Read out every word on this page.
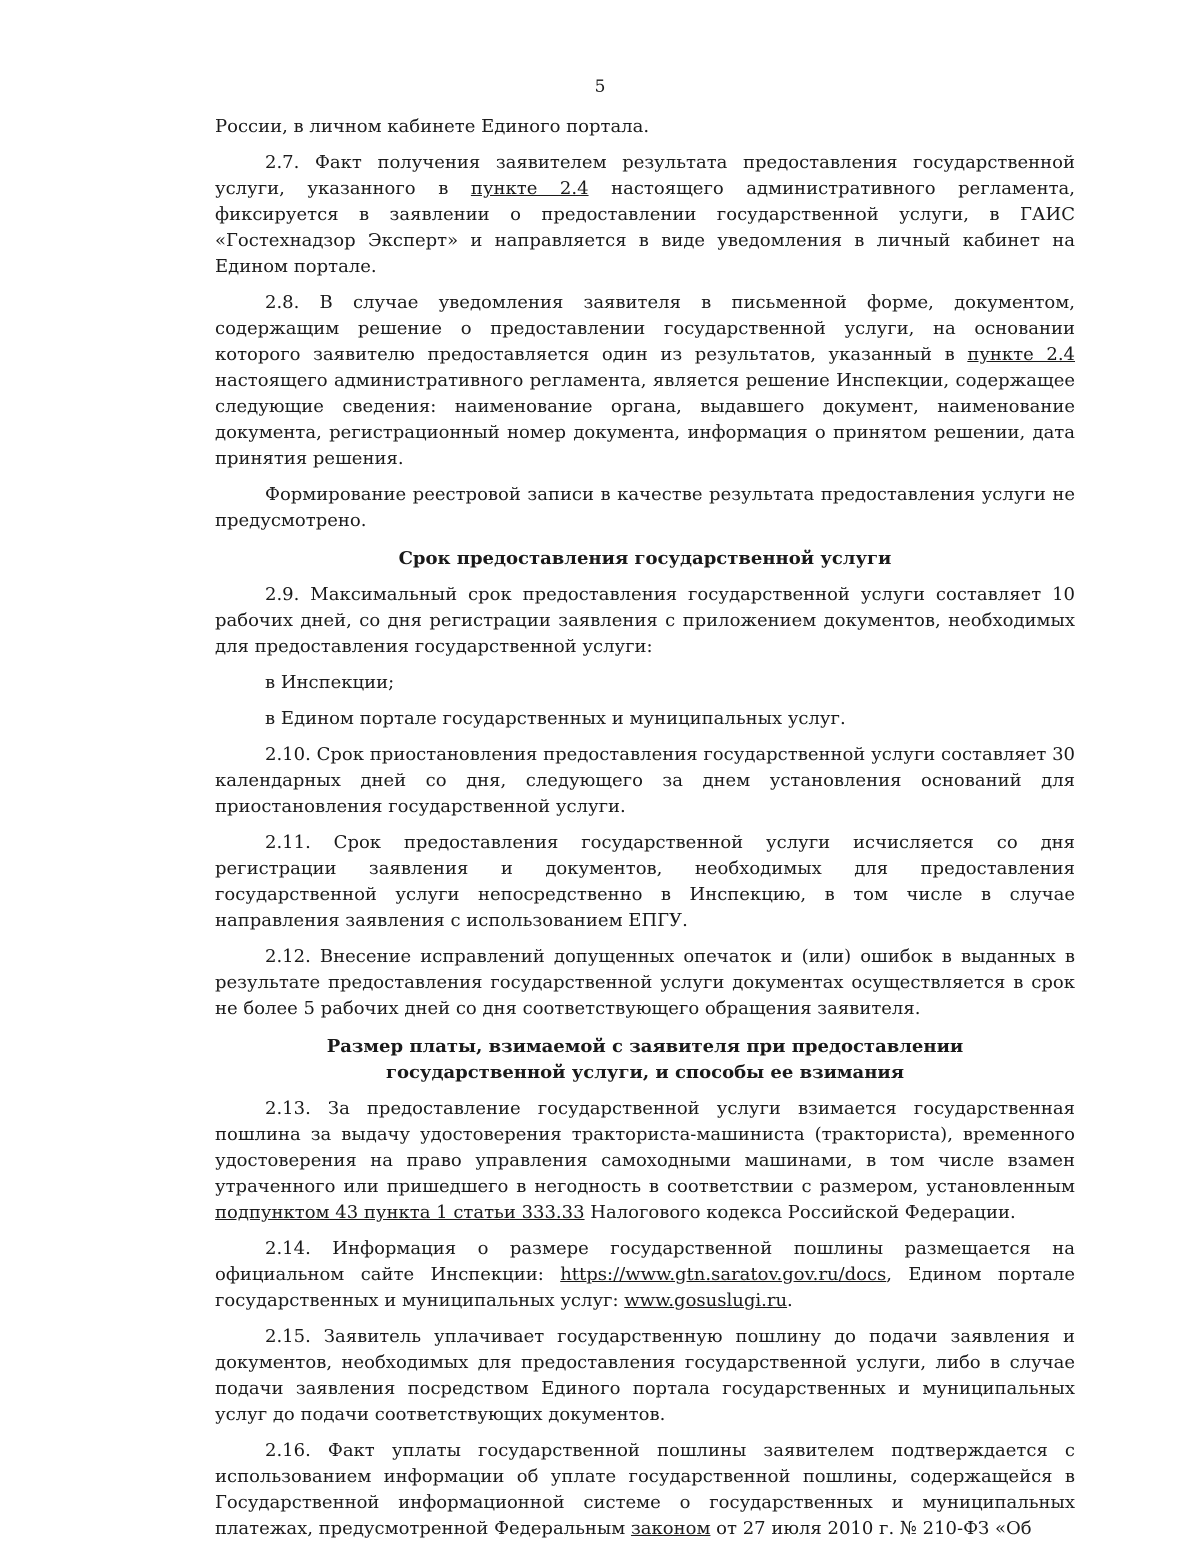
5

России, в личном кабинете Единого портала.

2.7. Факт получения заявителем результата предоставления государственной услуги, указанного в пункте 2.4 настоящего административного регламента, фиксируется в заявлении о предоставлении государственной услуги, в ГАИС «Гостехнадзор Эксперт» и направляется в виде уведомления в личный кабинет на Едином портале.

2.8. В случае уведомления заявителя в письменной форме, документом, содержащим решение о предоставлении государственной услуги, на основании которого заявителю предоставляется один из результатов, указанный в пункте 2.4 настоящего административного регламента, является решение Инспекции, содержащее следующие сведения: наименование органа, выдавшего документ, наименование документа, регистрационный номер документа, информация о принятом решении, дата принятия решения.

Формирование реестровой записи в качестве результата предоставления услуги не предусмотрено.

Срок предоставления государственной услуги

2.9. Максимальный срок предоставления государственной услуги составляет 10 рабочих дней, со дня регистрации заявления с приложением документов, необходимых для предоставления государственной услуги:

в Инспекции;

в Едином портале государственных и муниципальных услуг.

2.10. Срок приостановления предоставления государственной услуги составляет 30 календарных дней со дня, следующего за днем установления оснований для приостановления государственной услуги.

2.11. Срок предоставления государственной услуги исчисляется со дня регистрации заявления и документов, необходимых для предоставления государственной услуги непосредственно в Инспекцию, в том числе в случае направления заявления с использованием ЕПГУ.

2.12. Внесение исправлений допущенных опечаток и (или) ошибок в выданных в результате предоставления государственной услуги документах осуществляется в срок не более 5 рабочих дней со дня соответствующего обращения заявителя.

Размер платы, взимаемой с заявителя при предоставлении
государственной услуги, и способы ее взимания

2.13. За предоставление государственной услуги взимается государственная пошлина за выдачу удостоверения тракториста-машиниста (тракториста), временного удостоверения на право управления самоходными машинами, в том числе взамен утраченного или пришедшего в негодность в соответствии с размером, установленным подпунктом 43 пункта 1 статьи 333.33 Налогового кодекса Российской Федерации.

2.14. Информация о размере государственной пошлины размещается на официальном сайте Инспекции: https://www.gtn.saratov.gov.ru/docs, Едином портале государственных и муниципальных услуг: www.gosuslugi.ru.

2.15. Заявитель уплачивает государственную пошлину до подачи заявления и документов, необходимых для предоставления государственной услуги, либо в случае подачи заявления посредством Единого портала государственных и муниципальных услуг до подачи соответствующих документов.

2.16. Факт уплаты государственной пошлины заявителем подтверждается с использованием информации об уплате государственной пошлины, содержащейся в Государственной информационной системе о государственных и муниципальных платежах, предусмотренной Федеральным законом от 27 июля 2010 г. № 210-ФЗ «Об
